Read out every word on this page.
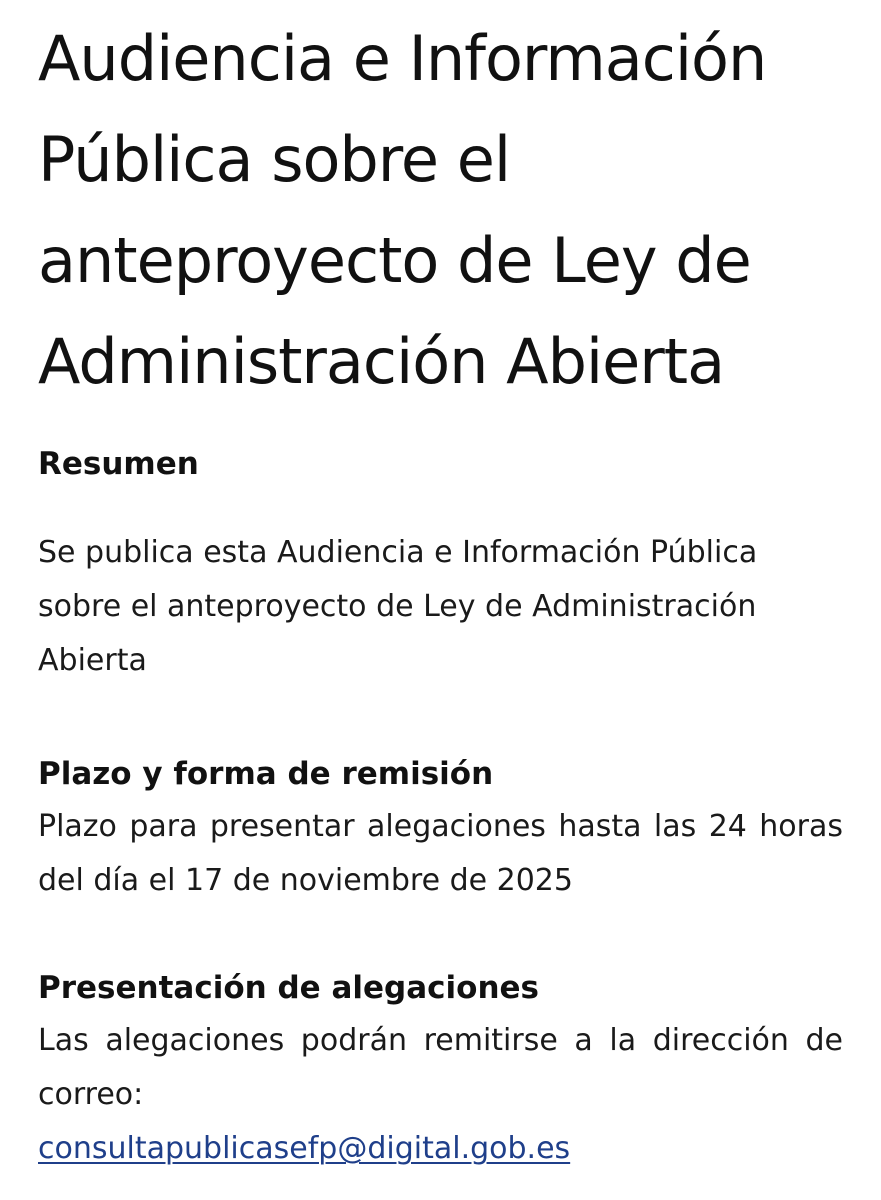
Audiencia e Información Pública sobre el anteproyecto de Ley de Administración Abierta
Resumen

Se publica esta Audiencia e Información Pública sobre el anteproyecto de Ley de Administración Abierta

Plazo y forma de remisión

Plazo para presentar alegaciones hasta las 24 horas del día el 17 de noviembre de 2025

Presentación de alegaciones

Las alegaciones podrán remitirse a la dirección de correo:

consultapublicasefp@digital.gob.es
